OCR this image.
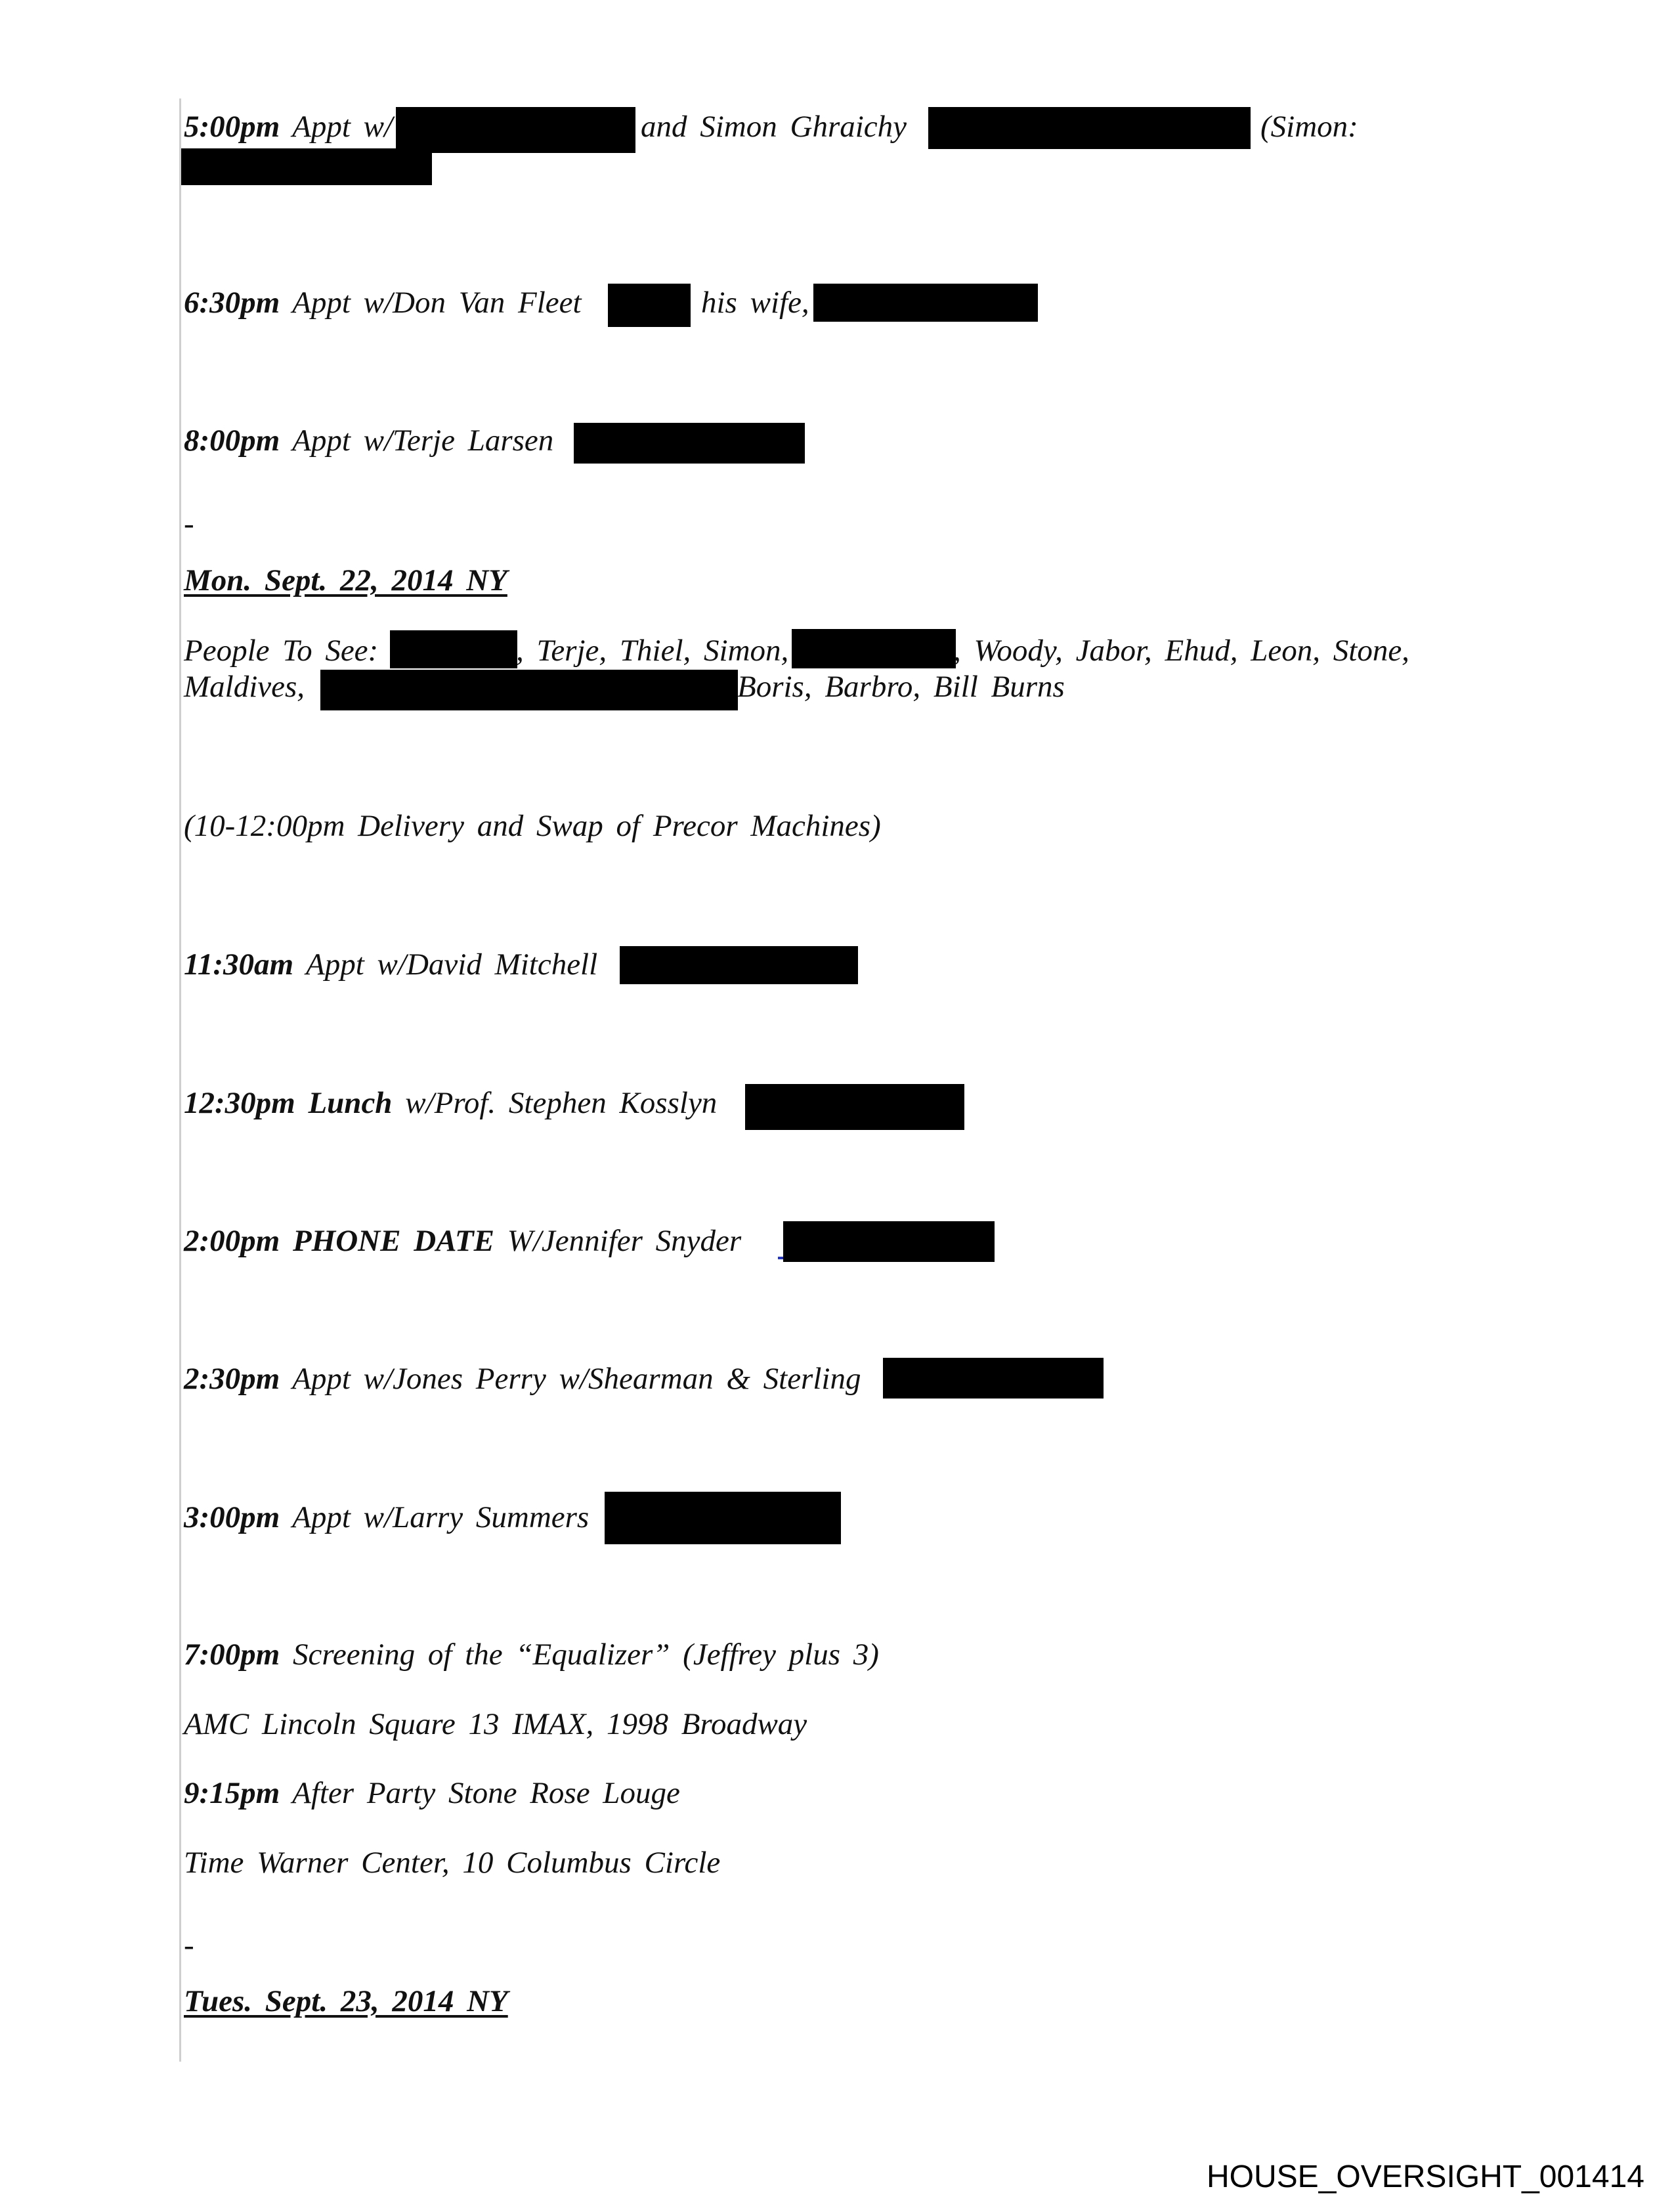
5:00pm Appt w/	and Simon Ghraichy	(Simon:
6:30pm Appt w/Don Van Fleet	his wife,
8:00pm Appt w/Terje Larsen
-
Mon. Sept. 22, 2014 NY
People To See:	, Terje, Thiel, Simon,	, Woody, Jabor, Ehud, Leon, Stone,
Maldives,	Boris, Barbro, Bill Burns
(10-12:00pm Delivery and Swap of Precor Machines)
11:30am Appt w/David Mitchell
12:30pm Lunch w/Prof. Stephen Kosslyn
2:00pm PHONE DATE W/Jennifer Snyder
2:30pm Appt w/Jones Perry w/Shearman & Sterling
3:00pm Appt w/Larry Summers
7:00pm Screening of the “Equalizer” (Jeffrey plus 3)
AMC Lincoln Square 13 IMAX, 1998 Broadway
9:15pm After Party Stone Rose Louge
Time Warner Center, 10 Columbus Circle
-
Tues. Sept. 23, 2014 NY
HOUSE_OVERSIGHT_001414
